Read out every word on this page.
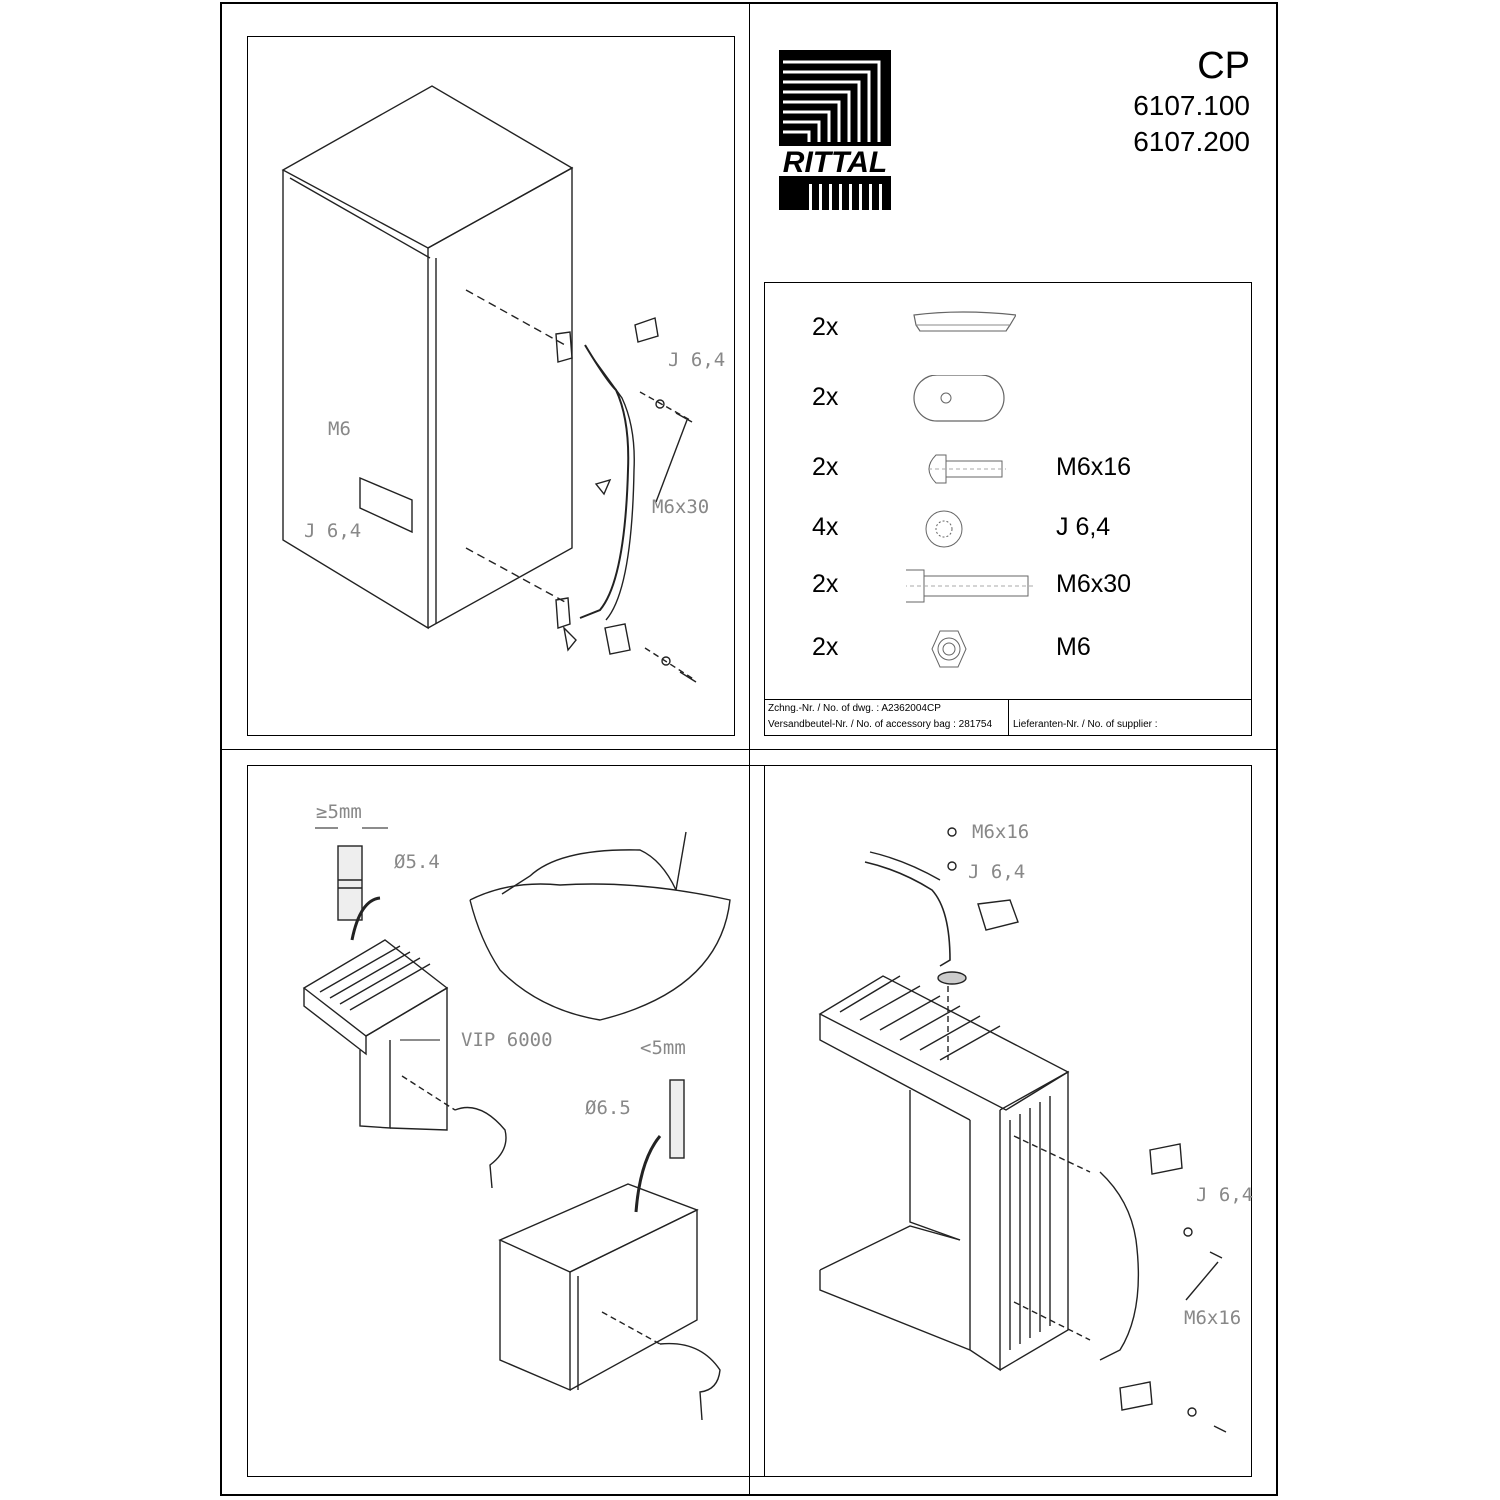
RITTAL
CP
6107.100
6107.200
2x
2x
2x	M6x16
4x	J 6,4
2x	M6x30
2x	M6
Zchng.-Nr. / No. of dwg. : A2362004CP
Versandbeutel-Nr. / No. of accessory bag : 281754 Lieferanten-Nr. / No. of supplier :
M6
J 6,4
J 6,4
M6x30
≥5mm
Ø5.4
VIP 6000	<5mm
Ø6.5
M6x16
J 6,4
J 6,4
M6x16
